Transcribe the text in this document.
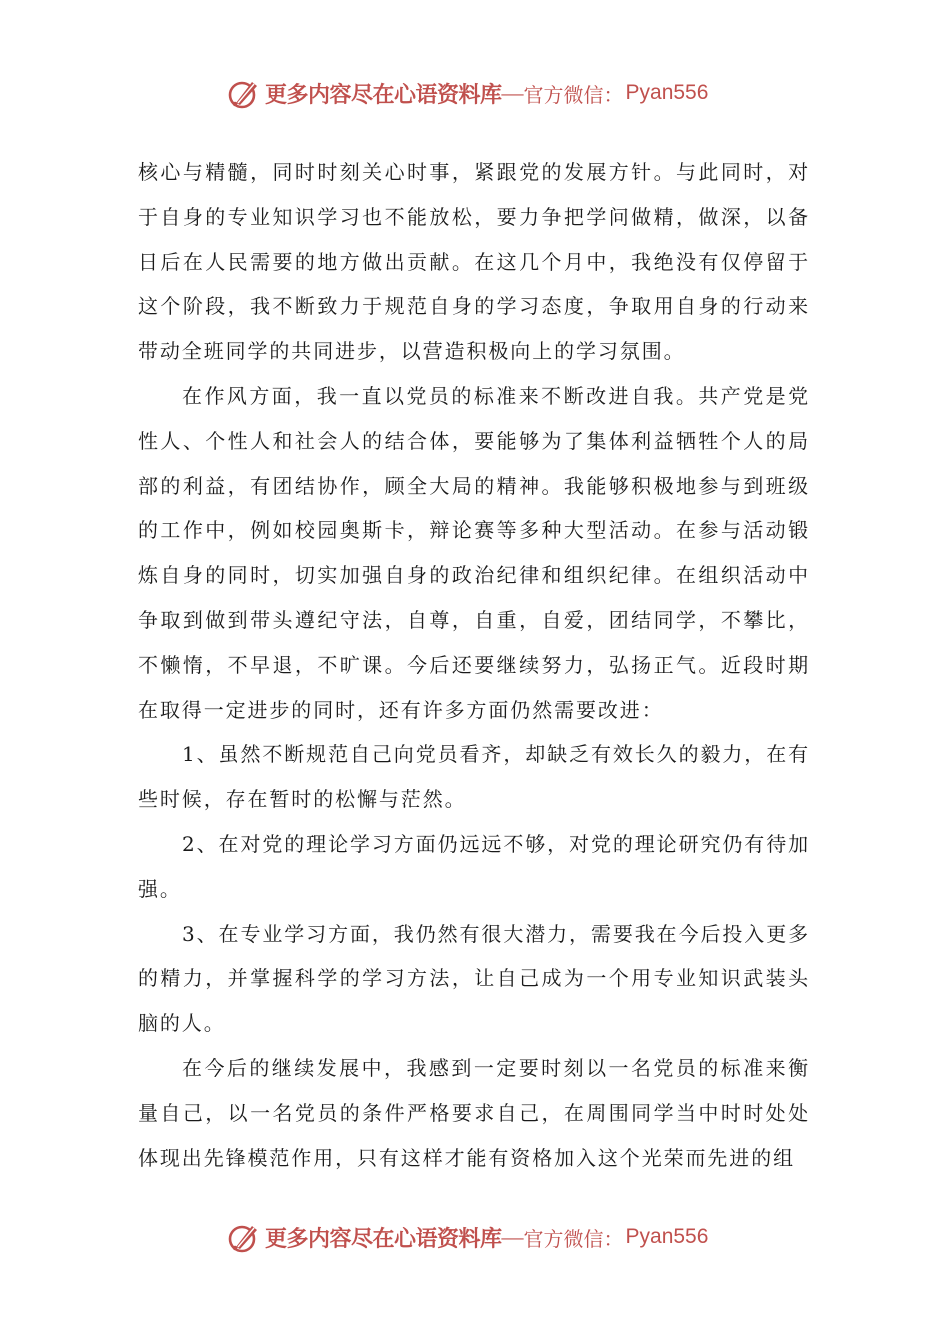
更多内容尽在心语资料库 — 官方微信： Pyan556

核心与精髓，同时时刻关心时事，紧跟党的发展方针。与此同时，对于自身的专业知识学习也不能放松，要力争把学问做精，做深，以备日后在人民需要的地方做出贡献。在这几个月中，我绝没有仅停留于这个阶段，我不断致力于规范自身的学习态度，争取用自身的行动来带动全班同学的共同进步，以营造积极向上的学习氛围。

在作风方面，我一直以党员的标准来不断改进自我。共产党是党性人、个性人和社会人的结合体，要能够为了集体利益牺牲个人的局部的利益，有团结协作，顾全大局的精神。我能够积极地参与到班级的工作中，例如校园奥斯卡，辩论赛等多种大型活动。在参与活动锻炼自身的同时，切实加强自身的政治纪律和组织纪律。在组织活动中争取到做到带头遵纪守法，自尊，自重，自爱，团结同学，不攀比，不懒惰，不早退，不旷课。今后还要继续努力，弘扬正气。近段时期在取得一定进步的同时，还有许多方面仍然需要改进：

1、虽然不断规范自己向党员看齐，却缺乏有效长久的毅力，在有些时候，存在暂时的松懈与茫然。

2、在对党的理论学习方面仍远远不够，对党的理论研究仍有待加强。

3、在专业学习方面，我仍然有很大潜力，需要我在今后投入更多的精力，并掌握科学的学习方法，让自己成为一个用专业知识武装头脑的人。

在今后的继续发展中，我感到一定要时刻以一名党员的标准来衡量自己，以一名党员的条件严格要求自己，在周围同学当中时时处处体现出先锋模范作用，只有这样才能有资格加入这个光荣而先进的组

更多内容尽在心语资料库 — 官方微信： Pyan556
